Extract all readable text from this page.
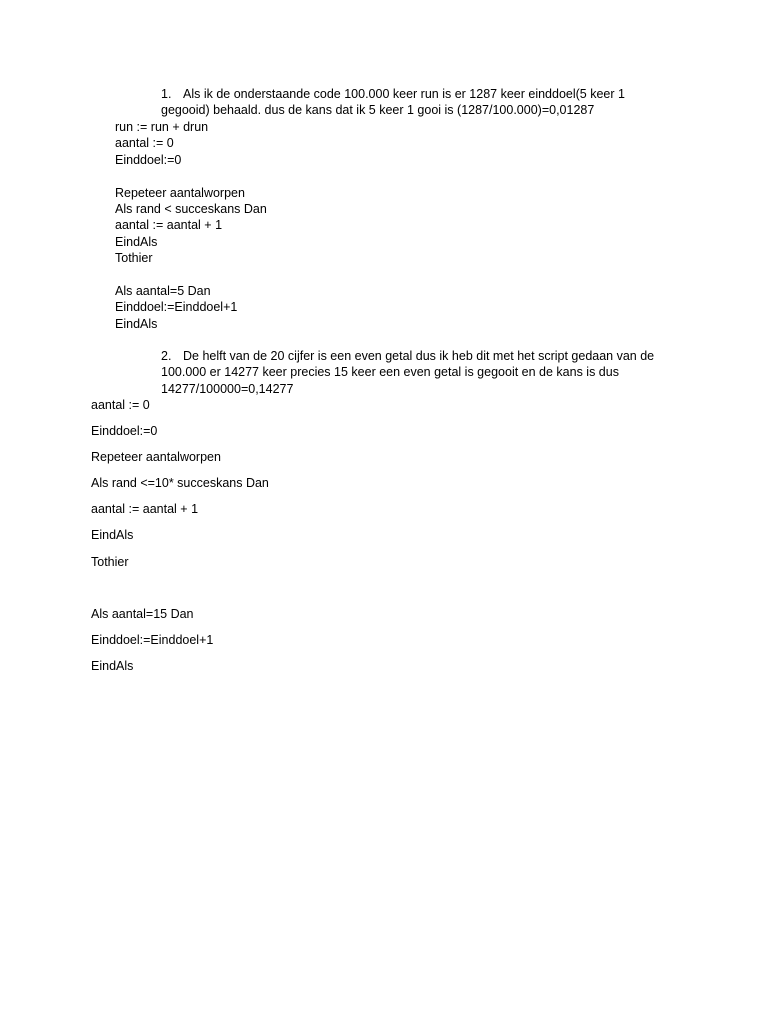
1. Als ik de onderstaande code 100.000 keer run is er 1287 keer einddoel(5 keer 1 gegooid) behaald. dus de kans dat ik 5 keer 1 gooi is (1287/100.000)=0,01287
run := run + drun
aantal := 0
Einddoel:=0
Repeteer aantalworpen
Als rand < succeskans Dan
aantal := aantal + 1
EindAls
Tothier
Als aantal=5 Dan
Einddoel:=Einddoel+1
EindAls
2. De helft van de 20 cijfer is een even getal dus ik heb dit met het script gedaan van de 100.000 er 14277 keer precies 15 keer een even getal is gegooit en de kans is dus 14277/100000=0,14277
aantal := 0
Einddoel:=0
Repeteer aantalworpen
Als rand <=10* succeskans Dan
aantal := aantal + 1
EindAls
Tothier
Als aantal=15 Dan
Einddoel:=Einddoel+1
EindAls
